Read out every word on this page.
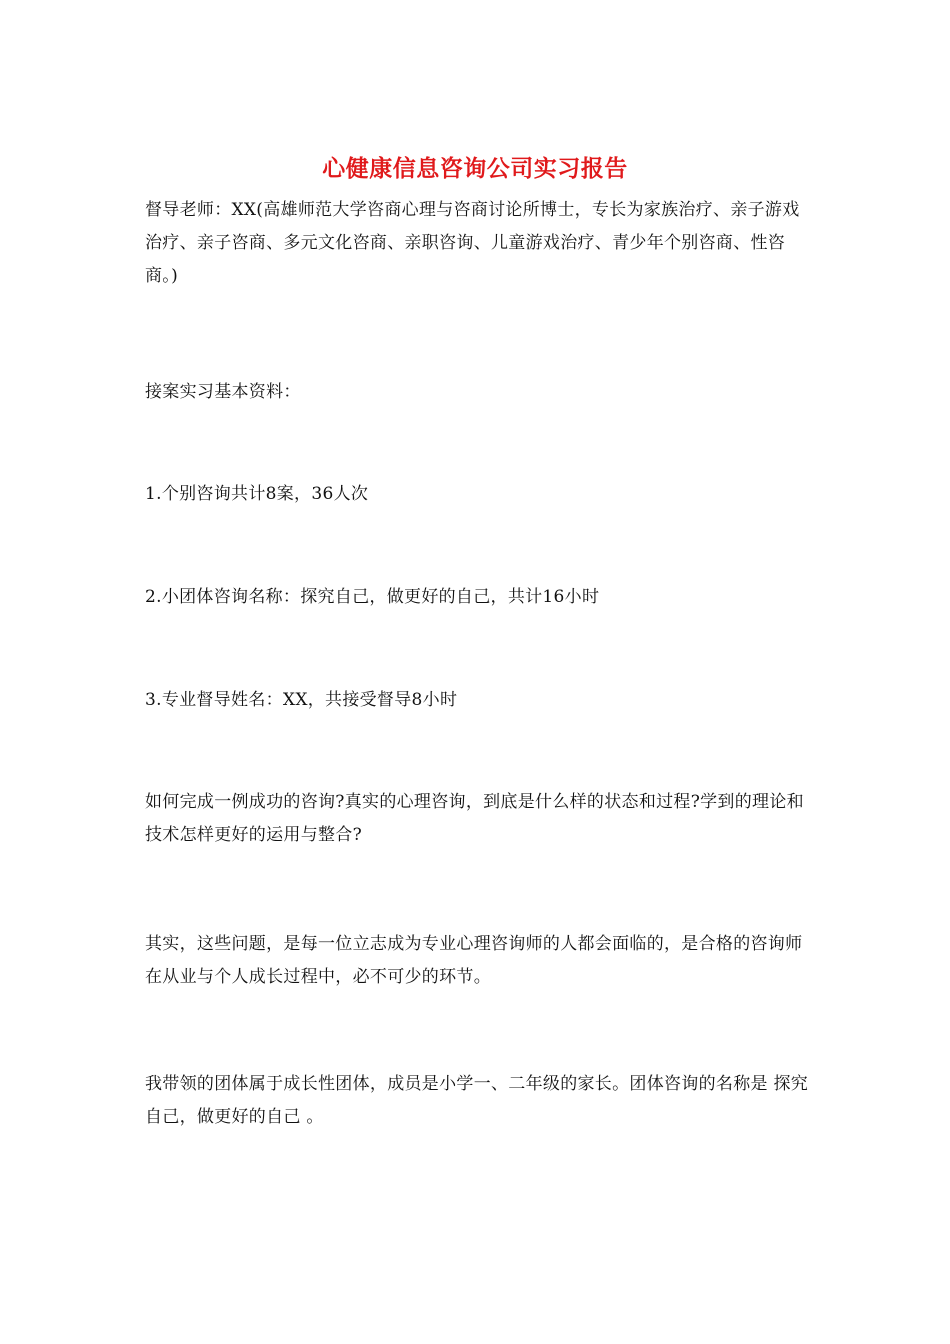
心健康信息咨询公司实习报告

督导老师：XX(高雄师范大学咨商心理与咨商讨论所博士，专长为家族治疗、亲子游戏治疗、亲子咨商、多元文化咨商、亲职咨询、儿童游戏治疗、青少年个别咨商、性咨商。)

接案实习基本资料：

1.个别咨询共计8案，36人次

2.小团体咨询名称：探究自己，做更好的自己，共计16小时

3.专业督导姓名：XX，共接受督导8小时

如何完成一例成功的咨询?真实的心理咨询，到底是什么样的状态和过程?学到的理论和技术怎样更好的运用与整合?

其实，这些问题，是每一位立志成为专业心理咨询师的人都会面临的，是合格的咨询师在从业与个人成长过程中，必不可少的环节。

我带领的团体属于成长性团体，成员是小学一、二年级的家长。团体咨询的名称是 探究自己，做更好的自己 。
